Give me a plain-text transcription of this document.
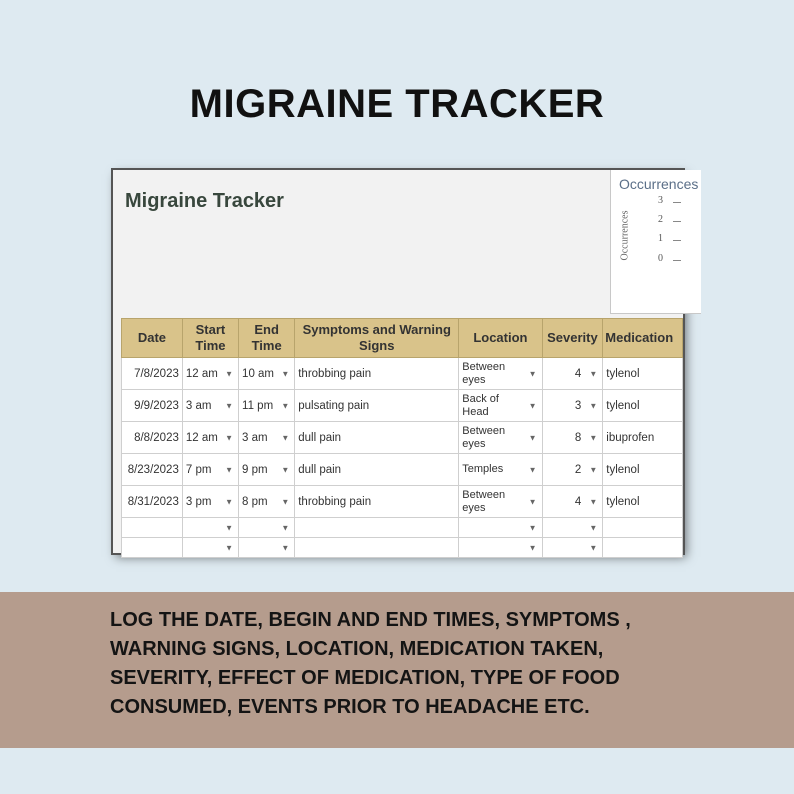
MIGRAINE TRACKER
Migraine Tracker
Occurrences
Occurrences
3
2
1
0
Date	Start Time	End Time	Symptoms and Warning Signs	Location	Severity	Medication
7/8/2023	12 am ▼	10 am ▼	throbbing pain	Between eyes ▼	4 ▼	tylenol
9/9/2023	3 am ▼	11 pm ▼	pulsating pain	Back of Head ▼	3 ▼	tylenol
8/8/2023	12 am ▼	3 am ▼	dull pain	Between eyes ▼	8 ▼	ibuprofen
8/23/2023	7 pm ▼	9 pm ▼	dull pain	Temples ▼	2 ▼	tylenol
8/31/2023	3 pm ▼	8 pm ▼	throbbing pain	Between eyes ▼	4 ▼	tylenol

	▼	▼		▼	▼	

	▼	▼		▼	▼	

LOG THE DATE, BEGIN AND END TIMES, SYMPTOMS , WARNING SIGNS, LOCATION, MEDICATION TAKEN, SEVERITY, EFFECT OF MEDICATION, TYPE OF FOOD CONSUMED, EVENTS PRIOR TO HEADACHE ETC.
